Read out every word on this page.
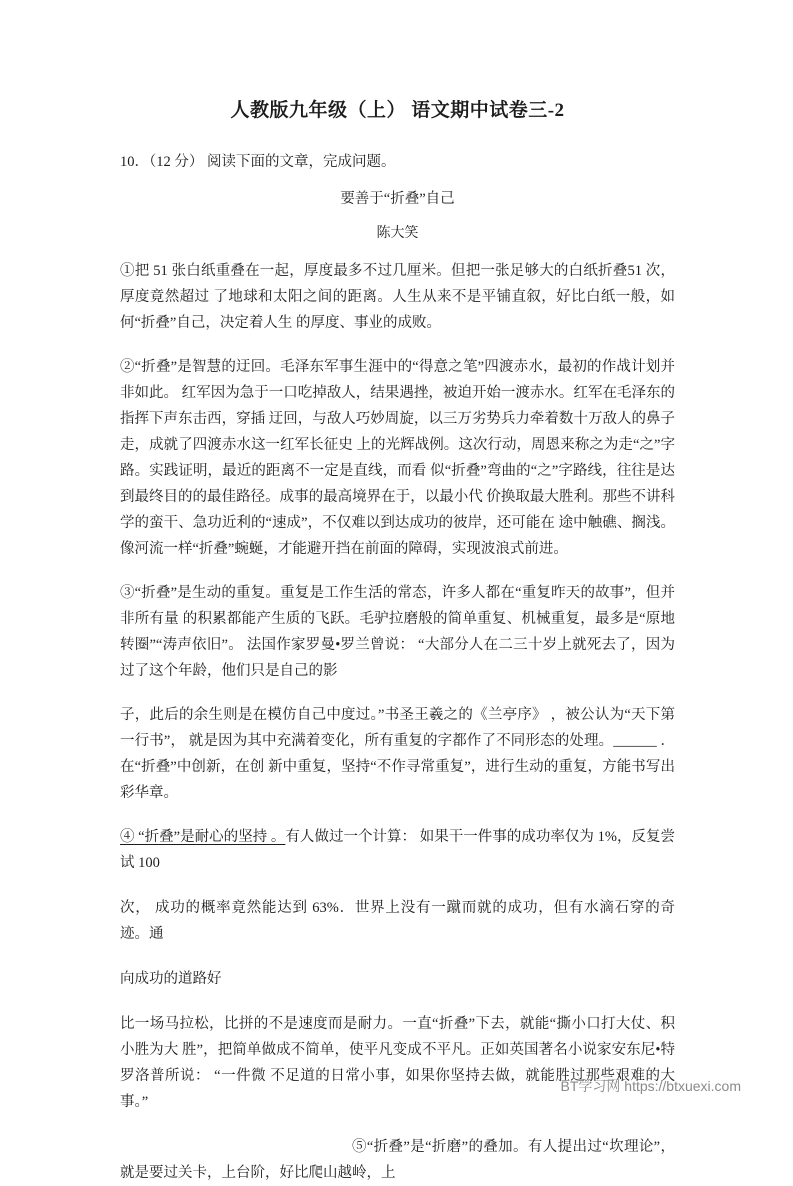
人教版九年级（上） 语文期中试卷三-2

10．（12 分） 阅读下面的文章，完成问题。

要善于“折叠”自己

陈大笑

①把 51 张白纸重叠在一起，厚度最多不过几厘米。但把一张足够大的白纸折叠51 次，厚度竟然超过 了地球和太阳之间的距离。人生从来不是平铺直叙，好比白纸一般，如何“折叠”自己，决定着人生 的厚度、事业的成败。

②“折叠”是智慧的迂回。毛泽东军事生涯中的“得意之笔”四渡赤水，最初的作战计划并非如此。 红军因为急于一口吃掉敌人，结果遇挫，被迫开始一渡赤水。红军在毛泽东的指挥下声东击西，穿插 迂回，与敌人巧妙周旋，以三万劣势兵力牵着数十万敌人的鼻子走，成就了四渡赤水这一红军长征史 上的光辉战例。这次行动，周恩来称之为走“之”字路。实践证明，最近的距离不一定是直线，而看 似“折叠”弯曲的“之”字路线，往往是达到最终目的的最佳路径。成事的最高境界在于，以最小代 价换取最大胜利。那些不讲科学的蛮干、急功近利的“速成”，不仅难以到达成功的彼岸，还可能在 途中触礁、搁浅。像河流一样“折叠”蜿蜒，才能避开挡在前面的障碍，实现波浪式前进。

③“折叠”是生动的重复。重复是工作生活的常态，许多人都在“重复昨天的故事”，但并非所有量 的积累都能产生质的飞跃。毛驴拉磨般的简单重复、机械重复，最多是“原地转圈”“涛声依旧”。 法国作家罗曼•罗兰曾说： “大部分人在二三十岁上就死去了，因为过了这个年龄，他们只是自己的影

子，此后的余生则是在模仿自己中度过。”书圣王羲之的《兰亭序》 ，被公认为“天下第一行书”， 就是因为其中充满着变化，所有重复的字都作了不同形态的处理。______ ．在“折叠”中创新，在创 新中重复，坚持“不作寻常重复”，进行生动的重复，方能书写出彩华章。

④ “折叠”是耐心的坚持 。有人做过一个计算： 如果干一件事的成功率仅为 1%，反复尝试 100

次， 成功的概率竟然能达到 63%．世界上没有一蹴而就的成功，但有水滴石穿的奇迹。通

向成功的道路好

比一场马拉松，比拼的不是速度而是耐力。一直“折叠”下去，就能“撕小口打大仗、积小胜为大 胜”，把简单做成不简单，使平凡变成不平凡。正如英国著名小说家安东尼•特罗洛普所说： “一件微 不足道的日常小事，如果你坚持去做，就能胜过那些艰难的大事。”

⑤“折叠”是“折磨”的叠加。有人提出过“坎理论”，就是要过关卡，上台阶，好比爬山越岭，上

BT学习网 https://btxuexi.com
